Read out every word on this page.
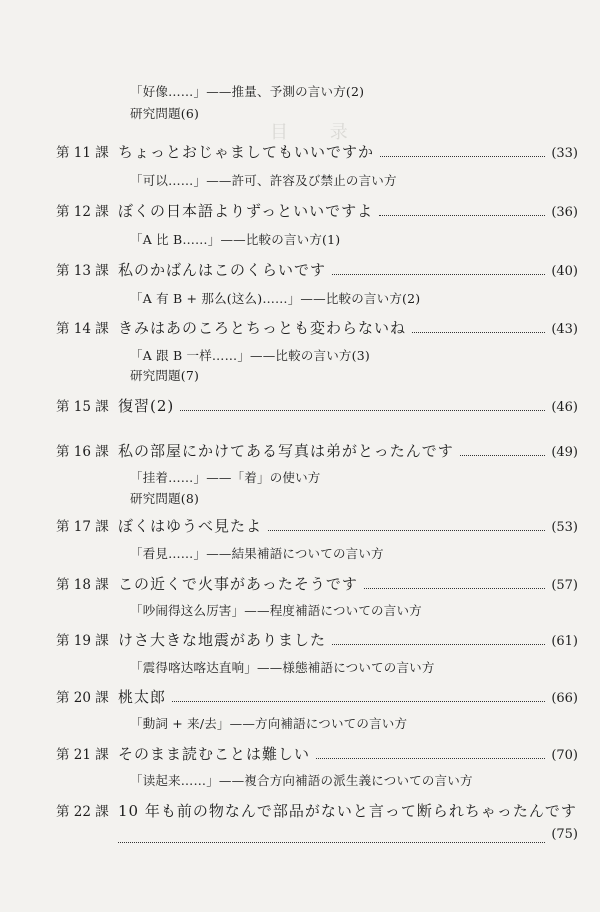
目 录
「好像……」——推量、予測の言い方(2)
研究問題(6)
第 11 課 ちょっとおじゃましてもいいですか	(33)
「可以……」——許可、許容及び禁止の言い方
第 12 課 ぼくの日本語よりずっといいですよ	(36)
「A 比 B……」——比較の言い方(1)
第 13 課 私のかばんはこのくらいです	(40)
「A 有 B + 那么(这么)……」——比較の言い方(2)
第 14 課 きみはあのころとちっとも変わらないね	(43)
「A 跟 B 一样……」——比較の言い方(3)
研究問題(7)
第 15 課 復習(2)	(46)
第 16 課 私の部屋にかけてある写真は弟がとったんです	(49)
「挂着……」——「着」の使い方
研究問題(8)
第 17 課 ぼくはゆうべ見たよ	(53)
「看見……」——結果補語についての言い方
第 18 課 この近くで火事があったそうです	(57)
「吵闹得这么厉害」——程度補語についての言い方
第 19 課 けさ大きな地震がありました	(61)
「震得喀达喀达直响」——様態補語についての言い方
第 20 課 桃太郎	(66)
「動詞 + 来/去」——方向補語についての言い方
第 21 課 そのまま読むことは難しい	(70)
「读起来……」——複合方向補語の派生義についての言い方
第 22 課 10 年も前の物なんで部品がないと言って断られちゃったんです
(75)
